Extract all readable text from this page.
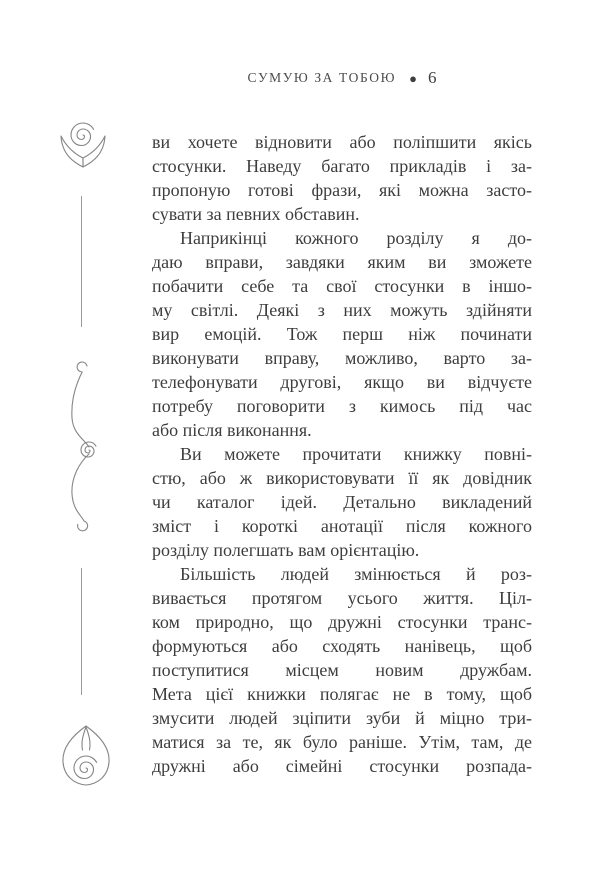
СУМУЮ ЗА ТОБОЮ ● 6
ви хочете відновити або поліпшити якісь
стосунки. Наведу багато прикладів і за-
пропоную готові фрази, які можна засто-
сувати за певних обставин.
Наприкінці кожного розділу я до-
даю вправи, завдяки яким ви зможете
побачити себе та свої стосунки в іншо-
му світлі. Деякі з них можуть здійняти
вир емоцій. Тож перш ніж починати
виконувати вправу, можливо, варто за-
телефонувати другові, якщо ви відчуєте
потребу поговорити з кимось під час
або після виконання.
Ви можете прочитати книжку повні-
стю, або ж використовувати її як довідник
чи каталог ідей. Детально викладений
зміст і короткі анотації після кожного
розділу полегшать вам орієнтацію.
Більшість людей змінюється й роз-
вивається протягом усього життя. Ціл-
ком природно, що дружні стосунки транс-
формуються або сходять нанівець, щоб
поступитися місцем новим дружбам.
Мета цієї книжки полягає не в тому, щоб
змусити людей зціпити зуби й міцно три-
матися за те, як було раніше. Утім, там, де
дружні або сімейні стосунки розпада-
